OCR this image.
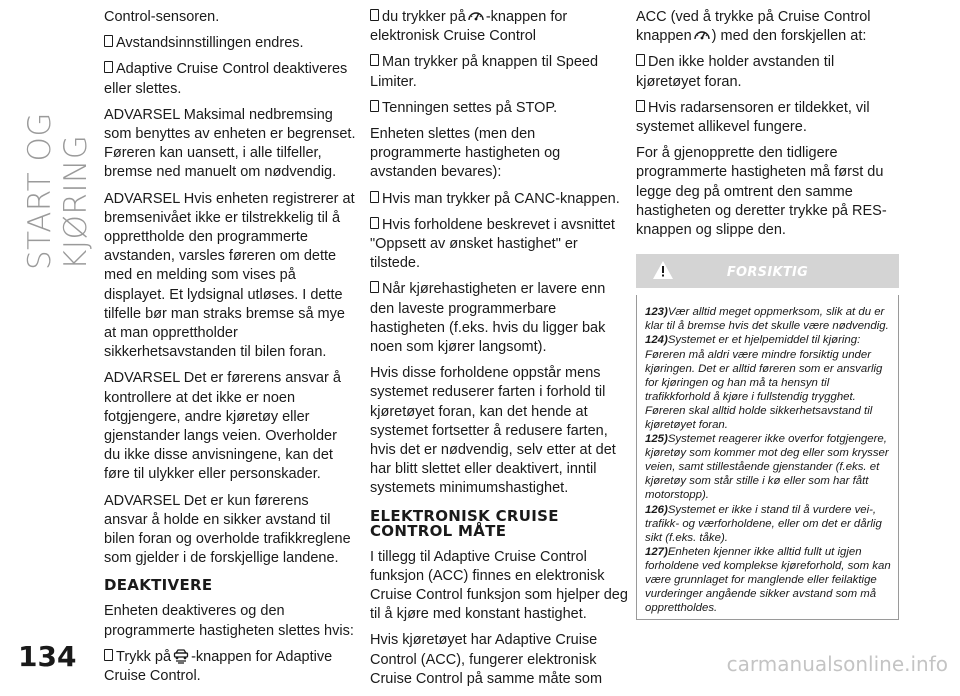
START OG KJØRING
134	carmanualsonline.info

Control-sensoren.

Avstandsinnstillingen endres.

Adaptive Cruise Control deaktiveres eller slettes.

ADVARSEL Maksimal nedbremsing som benyttes av enheten er begrenset. Føreren kan uansett, i alle tilfeller, bremse ned manuelt om nødvendig.

ADVARSEL Hvis enheten registrerer at bremsenivået ikke er tilstrekkelig til å opprettholde den programmerte avstanden, varsles føreren om dette med en melding som vises på displayet. Et lydsignal utløses. I dette tilfelle bør man straks bremse så mye at man opprettholder sikkerhetsavstanden til bilen foran.

ADVARSEL Det er førerens ansvar å kontrollere at det ikke er noen fotgjengere, andre kjøretøy eller gjenstander langs veien. Overholder du ikke disse anvisningene, kan det føre til ulykker eller personskader.

ADVARSEL Det er kun førerens ansvar å holde en sikker avstand til bilen foran og overholde trafikkreglene som gjelder i de forskjellige landene.

DEAKTIVERE

Enheten deaktiveres og den programmerte hastigheten slettes hvis:

Trykk på -knappen for Adaptive Cruise Control.

du trykker på -knappen for elektronisk Cruise Control

Man trykker på knappen til Speed Limiter.

Tenningen settes på STOP.

Enheten slettes (men den programmerte hastigheten og avstanden bevares):

Hvis man trykker på CANC-knappen.

Hvis forholdene beskrevet i avsnittet "Oppsett av ønsket hastighet" er tilstede.

Når kjørehastigheten er lavere enn den laveste programmerbare hastigheten (f.eks. hvis du ligger bak noen som kjører langsomt).

Hvis disse forholdene oppstår mens systemet reduserer farten i forhold til kjøretøyet foran, kan det hende at systemet fortsetter å redusere farten, hvis det er nødvendig, selv etter at det har blitt slettet eller deaktivert, inntil systemets minimumshastighet.

ELEKTRONISK CRUISE
CONTROL MÅTE

I tillegg til Adaptive Cruise Control funksjon (ACC) finnes en elektronisk Cruise Control funksjon som hjelper deg til å kjøre med konstant hastighet.

Hvis kjøretøyet har Adaptive Cruise Control (ACC), fungerer elektronisk Cruise Control på samme måte som

ACC (ved å trykke på Cruise Control knappen ) med den forskjellen at:

Den ikke holder avstanden til kjøretøyet foran.

Hvis radarsensoren er tildekket, vil systemet allikevel fungere.

For å gjenopprette den tidligere programmerte hastigheten må først du legge deg på omtrent den samme hastigheten og deretter trykke på RES-knappen og slippe den.

FORSIKTIG

123)Vær alltid meget oppmerksom, slik at du er klar til å bremse hvis det skulle være nødvendig.

124)Systemet er et hjelpemiddel til kjøring: Føreren må aldri være mindre forsiktig under kjøringen. Det er alltid føreren som er ansvarlig for kjøringen og han må ta hensyn til trafikkforhold å kjøre i fullstendig trygghet. Føreren skal alltid holde sikkerhetsavstand til kjøretøyet foran.

125)Systemet reagerer ikke overfor fotgjengere, kjøretøy som kommer mot deg eller som krysser veien, samt stillestående gjenstander (f.eks. et kjøretøy som står stille i kø eller som har fått motorstopp).

126)Systemet er ikke i stand til å vurdere vei-, trafikk- og værforholdene, eller om det er dårlig sikt (f.eks. tåke).

127)Enheten kjenner ikke alltid fullt ut igjen forholdene ved komplekse kjøreforhold, som kan være grunnlaget for manglende eller feilaktige vurderinger angående sikker avstand som må opprettholdes.
